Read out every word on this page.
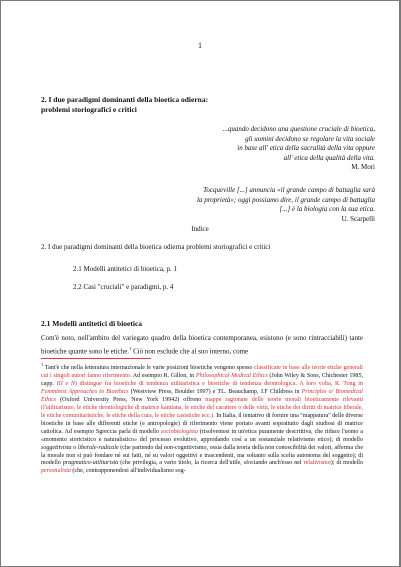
1
2. I due paradigmi dominanti della bioetica odierna:
problemi storiografici e critici
...quando decidono una questione cruciale di bioetica,
gli uomini decidono se regolare la vita sociale
in base all' etica della sacralità della vita oppure
all' etica della qualità della vita.
M. Mori
Tocqueville [...] annuncia «il grande campo di battaglia sarà
la proprietà»; oggi possiamo dire, il grande campo di battaglia
[...] è la biologia con la sua etica.
U. Scarpelli
Indice
2. I due paradigmi dominanti della bioetica odierna problemi storiografici e critici
2.1 Modelli antitetici di bioetica, p. 1
2.2 Casi "cruciali" e paradigmi, p. 4
2.1 Modelli antitetici di bioetica
Com'è noto, nell'ambito del variegato quadro della bioetica contemporanea, esistono (e sono rintracciabili) tante bioetiche quante sono le etiche.$^1$ Ciò non esclude che al suo interno, come
$^1$ Tant'è che nella letteratura internazionale le varie posizioni bioetiche vengono spesso classificate in base alle teorie etiche generali cui i singoli autori fanno riferimento. Ad esempio R. Gillon, in Philosophical Medical Ethics (John Wiley & Sons, Chichester 1985, capp. III e N) distingue fra bioetiche di tendenza utilitaristica e bioetiche di tendenza deontologica. A loro volta, R. Tong in Femminist Approaches to Bioethics (Westview Press, Boulder 1997) e TL. Beauchamp, J.F Childress in Principles o/ Biomedical Ethics (Oxford University Press, New York 19942) offrono mappe ragionate delle teorie morali bioeticamente rilevanti (l'utilitarismo, le etiche deontologiche di matrice kantiana, le etiche del carattere o delle virtù, le etiche dei diritti di matrice liberale, le etiche comunitaristiche, le etiche della cura, le etiche casistiche ecc.). In Italia, il tentativo di fornire una "mappatura" delle diverse bioetiche in base alle differenti etiche (e antropologie) di riferimento viene portato avanti soprattutto dagli studiosi di matrice cattolica. Ad esempio Sgreccia parla di modello sociobiologista (risolventesi in un'etica puramente descrittiva, che riduce l'uomo a «momento storicistico e naturalistico» del processo evolutivo, approdando così a un sostanziale relativismo etico); di modello soggettivista o liberale-radicale (che partendo dal non-cognitivismo, ossia dalla teoria della non conoscibilità dei valori, afferma che la morale non si può fondare né sui fatti, né su valori oggettivi e trascendenti, ma soltanto sulla scelta autonoma del soggetto); di modello pragmatico-utilitarista (che privilegia, a vario titolo, la ricerca dell'utile, sfociando anch'esso nel relativismo); di modello personalista (che, contrapponendosi all'individualismo sog-
